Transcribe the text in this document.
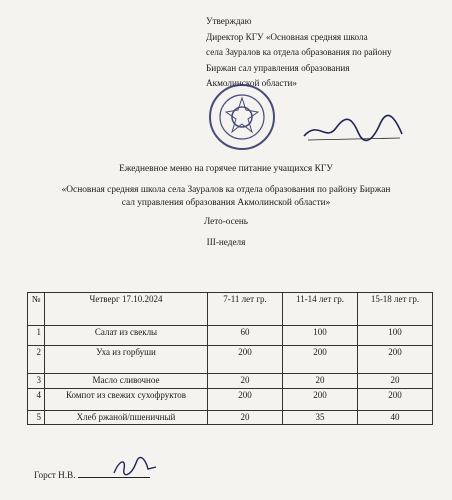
Утверждаю
Директор КГУ «Основная средняя школа
села Зауралов ка отдела образования по району
Биржан сал управления образования
Акмолинской области»
Ежедневное меню на горячее питание учащихся КГУ
«Основная средняя школа села Зауралов ка отдела образования по району Биржан
сал управления образования Акмолинской области»
Лето-осень
III-неделя
№	Четверг 17.10.2024	7-11 лет гр.	11-14 лет гр.	15-18 лет гр.
1	Салат из свеклы	60	100	100
2	Уха из горбуши	200	200	200
3	Масло сливочное	20	20	20
4	Компот из свежих сухофруктов	200	200	200
5	Хлеб ржаной/пшеничный	20	35	40
Горст Н.В.
